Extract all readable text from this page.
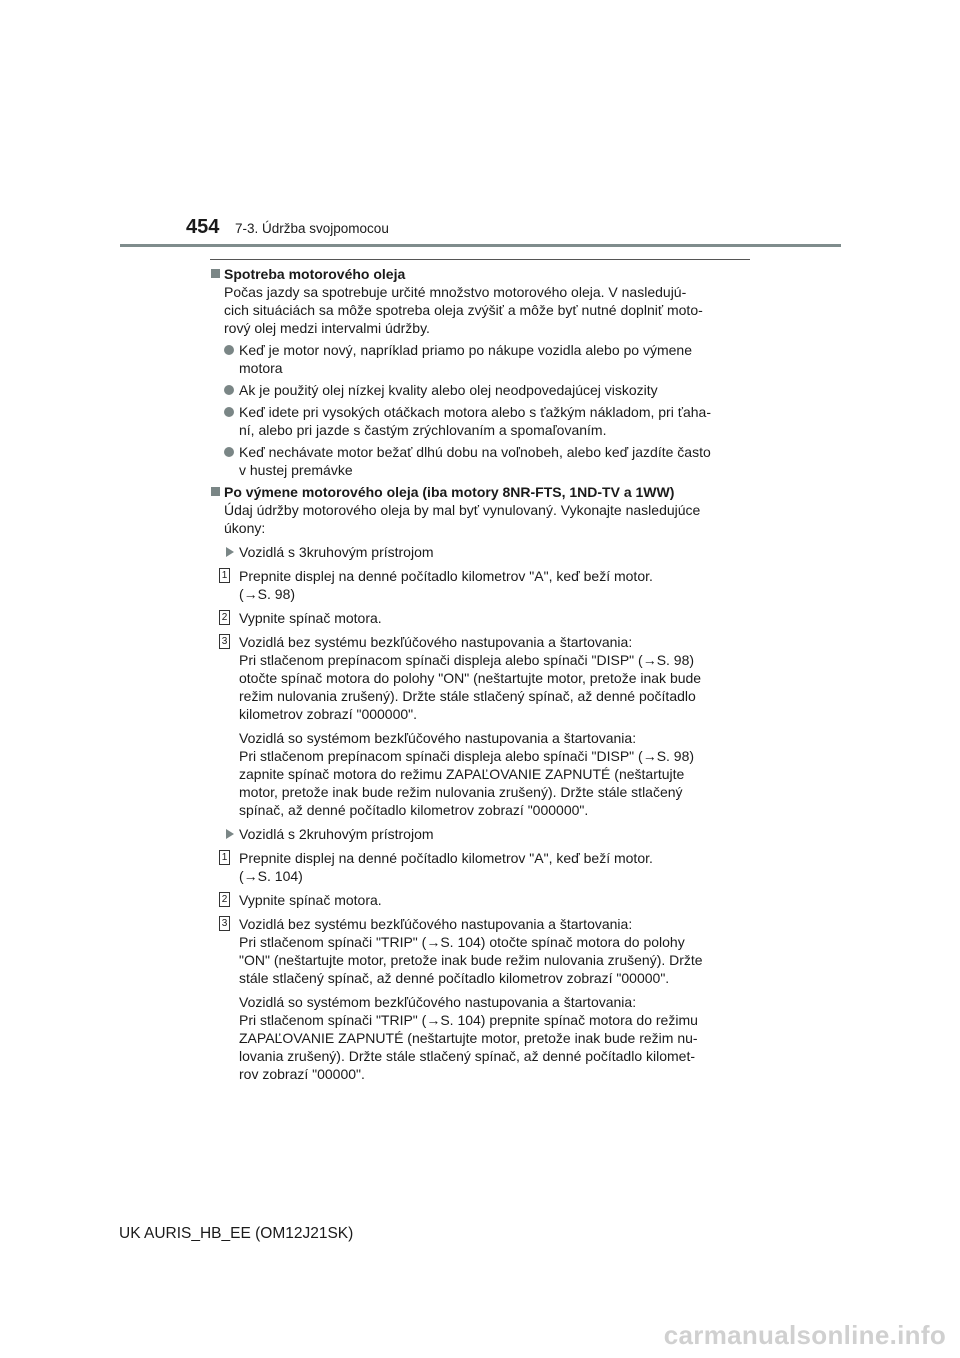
454 7-3. Údržba svojpomocou

Spotreba motorového oleja

Počas jazdy sa spotrebuje určité množstvo motorového oleja. V nasledujú-
cich situáciách sa môže spotreba oleja zvýšiť a môže byť nutné doplniť moto-
rový olej medzi intervalmi údržby.

Keď je motor nový, napríklad priamo po nákupe vozidla alebo po výmene
motora

Ak je použitý olej nízkej kvality alebo olej neodpovedajúcej viskozity

Keď idete pri vysokých otáčkach motora alebo s ťažkým nákladom, pri ťaha-
ní, alebo pri jazde s častým zrýchlovaním a spomaľovaním.

Keď nechávate motor bežať dlhú dobu na voľnobeh, alebo keď jazdíte často
v hustej premávke

Po výmene motorového oleja (iba motory 8NR-FTS, 1ND-TV a 1WW)

Údaj údržby motorového oleja by mal byť vynulovaný. Vykonajte nasledujúce
úkony:

Vozidlá s 3kruhovým prístrojom

1 Prepnite displej na denné počítadlo kilometrov "A", keď beží motor.
(→S. 98)

2 Vypnite spínač motora.

3 Vozidlá bez systému bezkľúčového nastupovania a štartovania:
Pri stlačenom prepínacom spínači displeja alebo spínači "DISP" (→S. 98)
otočte spínač motora do polohy "ON" (neštartujte motor, pretože inak bude
režim nulovania zrušený). Držte stále stlačený spínač, až denné počítadlo
kilometrov zobrazí "000000".

Vozidlá so systémom bezkľúčového nastupovania a štartovania:
Pri stlačenom prepínacom spínači displeja alebo spínači "DISP" (→S. 98)
zapnite spínač motora do režimu ZAPAĽOVANIE ZAPNUTÉ (neštartujte
motor, pretože inak bude režim nulovania zrušený). Držte stále stlačený
spínač, až denné počítadlo kilometrov zobrazí "000000".

Vozidlá s 2kruhovým prístrojom

1 Prepnite displej na denné počítadlo kilometrov "A", keď beží motor.
(→S. 104)

2 Vypnite spínač motora.

3 Vozidlá bez systému bezkľúčového nastupovania a štartovania:
Pri stlačenom spínači "TRIP" (→S. 104) otočte spínač motora do polohy
"ON" (neštartujte motor, pretože inak bude režim nulovania zrušený). Držte
stále stlačený spínač, až denné počítadlo kilometrov zobrazí "00000".

Vozidlá so systémom bezkľúčového nastupovania a štartovania:
Pri stlačenom spínači "TRIP" (→S. 104) prepnite spínač motora do režimu
ZAPAĽOVANIE ZAPNUTÉ (neštartujte motor, pretože inak bude režim nu-
lovania zrušený). Držte stále stlačený spínač, až denné počítadlo kilomet-
rov zobrazí "00000".

UK AURIS_HB_EE (OM12J21SK)
carmanualsonline.info
